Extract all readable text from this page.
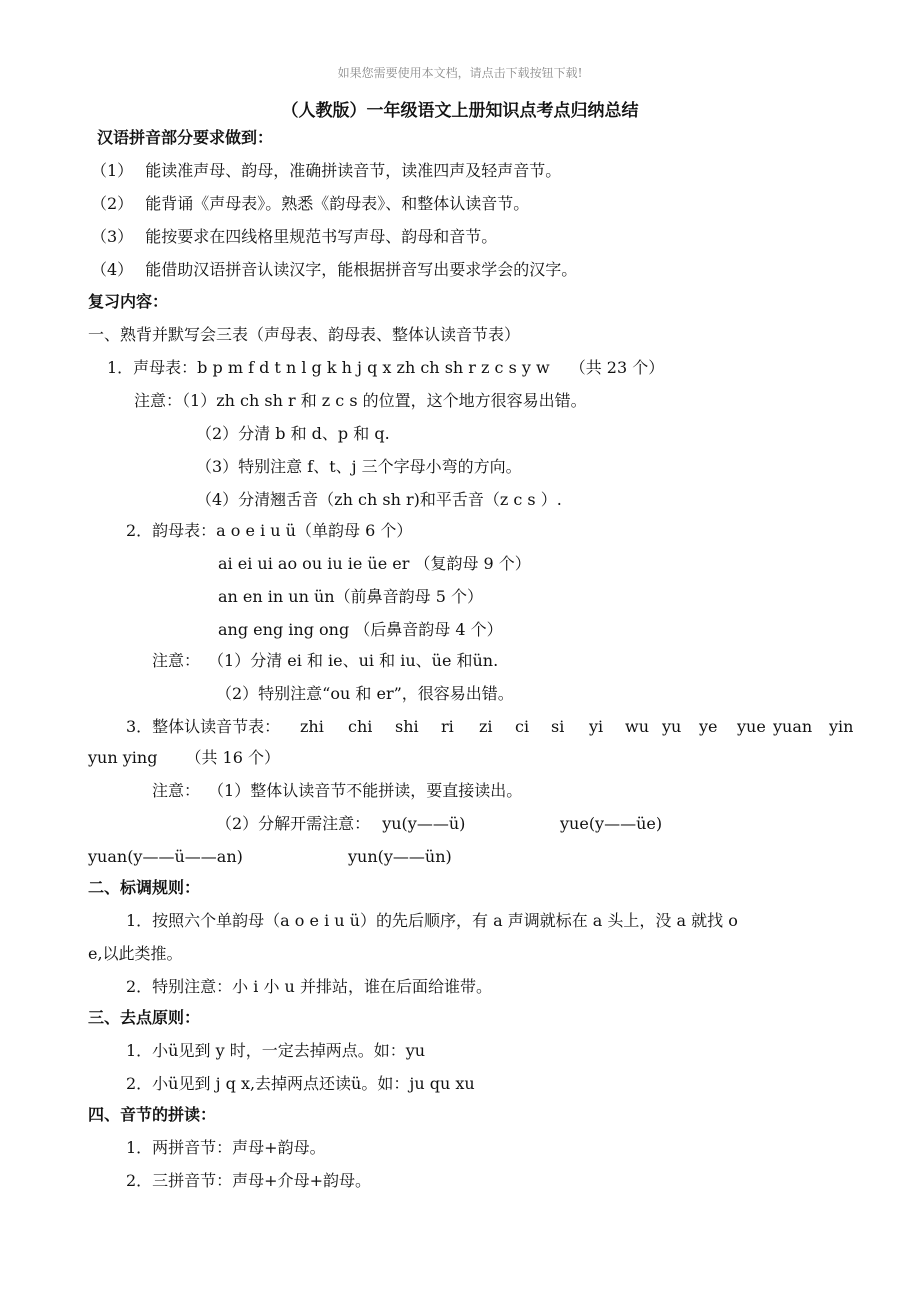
如果您需要使用本文档，请点击下载按钮下载!
（人教版）一年级语文上册知识点考点归纳总结
汉语拼音部分要求做到：
（1） 能读准声母、韵母，准确拼读音节，读准四声及轻声音节。
（2） 能背诵《声母表》。熟悉《韵母表》、和整体认读音节。
（3） 能按要求在四线格里规范书写声母、韵母和音节。
（4） 能借助汉语拼音认读汉字，能根据拼音写出要求学会的汉字。
复习内容：
一、熟背并默写会三表（声母表、韵母表、整体认读音节表）
1．声母表：b p m f d t n l g k h j q x zh ch sh r z c s y w （共 23 个）
注意：（1）zh ch sh r 和 z c s 的位置，这个地方很容易出错。
（2）分清 b 和 d、p 和 q.
（3）特别注意 f、t、j 三个字母小弯的方向。
（4）分清翘舌音（zh ch sh r)和平舌音（z c s ）.
2．韵母表：a o e i u ü（单韵母 6 个）
ai ei ui ao ou iu ie üe er （复韵母 9 个）
an en in un ün（前鼻音韵母 5 个）
ang eng ing ong （后鼻音韵母 4 个）
注意： （1）分清 ei 和 ie、ui 和 iu、üe 和ün.
（2）特别注意“ou 和 er”，很容易出错。
3．整体认读音节表： zhi chi shi ri zi ci si yi wu yu ye yue yuan yin
yun ying （共 16 个）
注意： （1）整体认读音节不能拼读，要直接读出。
（2）分解开需注意： yu(y——ü)	yue(y——üe)
yuan(y——ü——an)	yun(y——ün)
二、标调规则：
1．按照六个单韵母（a o e i u ü）的先后顺序，有 a 声调就标在 a 头上，没 a 就找 o
e,以此类推。
2．特别注意：小 i 小 u 并排站，谁在后面给谁带。
三、去点原则：
1．小ü见到 y 时，一定去掉两点。如：yu
2．小ü见到 j q x,去掉两点还读ü。如：ju qu xu
四、音节的拼读：
1．两拼音节：声母+韵母。
2．三拼音节：声母+介母+韵母。
